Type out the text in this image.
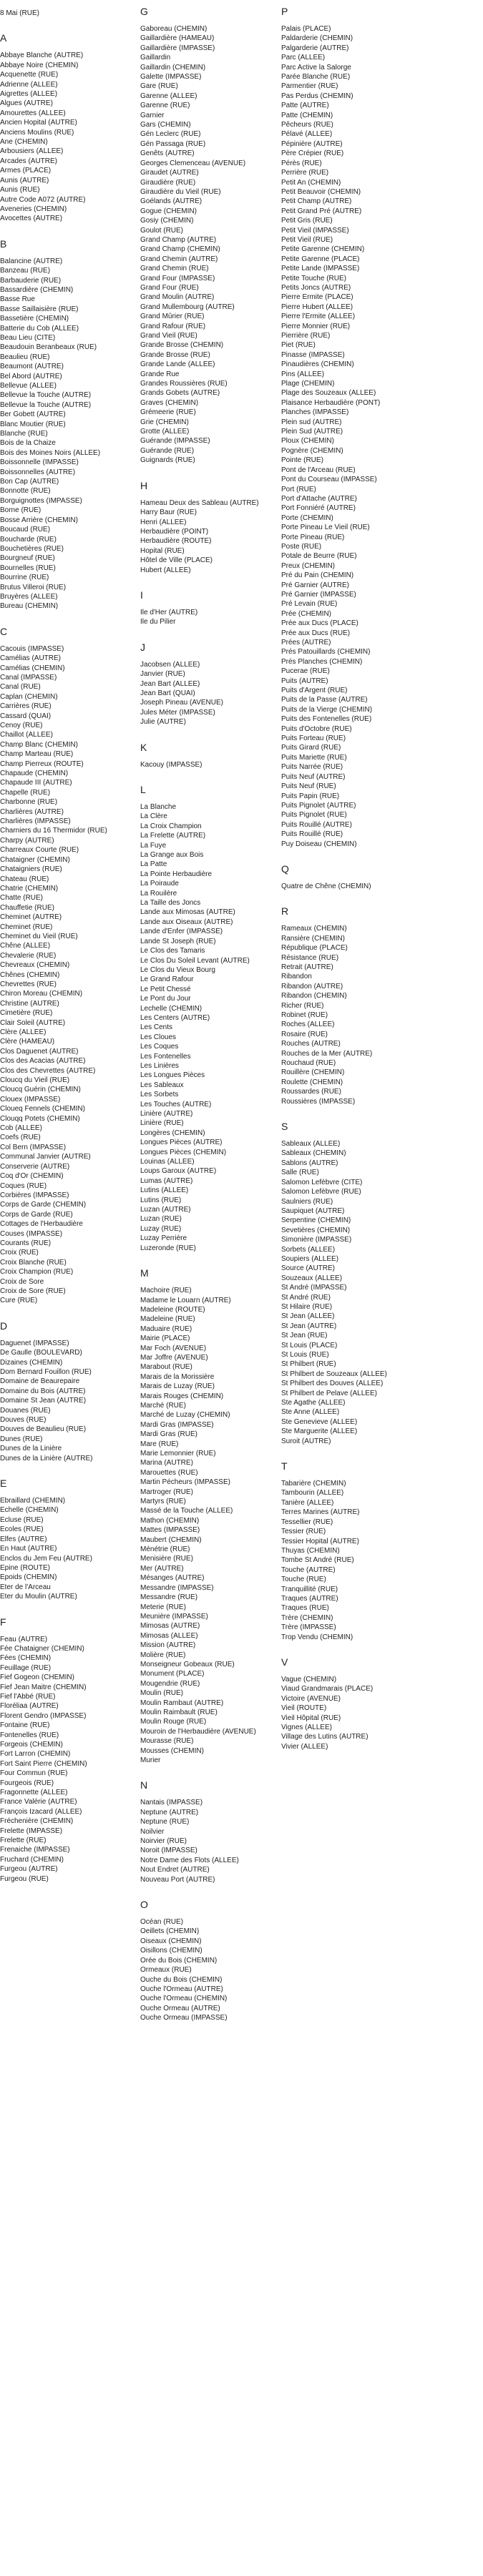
8 Mai (RUE)
A
Abbaye Blanche (AUTRE)
Abbaye Noire (CHEMIN)
Acquenette (RUE)
Adrienne (ALLEE)
Aigrettes (ALLEE)
Algues (AUTRE)
Amourettes (ALLEE)
Ancien Hopital (AUTRE)
Anciens Moulins (RUE)
Ane (CHEMIN)
Arbousiers (ALLEE)
Arcades (AUTRE)
Armes (PLACE)
Aunis (AUTRE)
Aunis (RUE)
Autre Code A072 (AUTRE)
Aveneries (CHEMIN)
Avocettes (AUTRE)
B
Balancine (AUTRE)
Banzeau (RUE)
Barbauderie (RUE)
Bassardière (CHEMIN)
Basse Rue
Basse Saillaisière (RUE)
Bassetière (CHEMIN)
Batterie du Cob (ALLEE)
Beau Lieu (CITE)
Beaudouin Beranbeaux (RUE)
Beaulieu (RUE)
Beaumont (AUTRE)
Bel Abord (AUTRE)
Bellevue (ALLEE)
Bellevue la Touche (AUTRE)
Bellevue la Touche (AUTRE)
Ber Gobett (AUTRE)
Blanc Moutier (RUE)
Blanche (RUE)
Bois de la Chaize
Bois des Moines Noirs (ALLEE)
Boissonnelle (IMPASSE)
Boissonnelles (AUTRE)
Bon Cap (AUTRE)
Bonnotte (RUE)
Borguignottes (IMPASSE)
Borne (RUE)
Bosse Arrière (CHEMIN)
Boucaud (RUE)
Boucharde (RUE)
Bouchetières (RUE)
Bourgneuf (RUE)
Bournelles (RUE)
Bourrine (RUE)
Brutus Villeroi (RUE)
Bruyères (ALLEE)
Bureau (CHEMIN)
C
Cacouis (IMPASSE)
Camélias (AUTRE)
Camélias (CHEMIN)
Canal (IMPASSE)
Canal (RUE)
Caplan (CHEMIN)
Carrières (RUE)
Cassard (QUAI)
Cenoy (RUE)
Chaillot (ALLEE)
Champ Blanc (CHEMIN)
Champ Marteau (RUE)
Champ Pierreux (ROUTE)
Chapaude (CHEMIN)
Chapaude III (AUTRE)
Chapelle (RUE)
Charbonne (RUE)
Charlières (AUTRE)
Charlières (IMPASSE)
Charniers du 16 Thermidor (RUE)
Charpy (AUTRE)
Charreaux Courte (RUE)
Chataigner (CHEMIN)
Chataigniers (RUE)
Chateau (RUE)
Chatrie (CHEMIN)
Chatte (RUE)
Chauffetie (RUE)
Cheminet (AUTRE)
Cheminet (RUE)
Cheminet du Vieil (RUE)
Chêne (ALLEE)
Chevalerie (RUE)
Chevreaux (CHEMIN)
Chênes (CHEMIN)
Chevrettes (RUE)
Chiron Moreau (CHEMIN)
Christine (AUTRE)
Cimetière (RUE)
Clair Soleil (AUTRE)
Clère (ALLEE)
Clère (HAMEAU)
Clos Daguenet (AUTRE)
Clos des Acacias (AUTRE)
Clos des Chevrettes (AUTRE)
Cloucq du Vieil (RUE)
Cloucq Guérin (CHEMIN)
Clouex (IMPASSE)
Cloueq Fennels (CHEMIN)
Clouqq Potets (CHEMIN)
Cob (ALLEE)
Coefs (RUE)
Col Bern (IMPASSE)
Communal Janvier (AUTRE)
Conserverie (AUTRE)
Coq d'Or (CHEMIN)
Coques (RUE)
Corbières (IMPASSE)
Corps de Garde (CHEMIN)
Corps de Garde (RUE)
Cottages de l'Herbaudière
Couses (IMPASSE)
Courants (RUE)
Croix (RUE)
Croix Blanche (RUE)
Croix Champion (RUE)
Croix de Sore
Croix de Sore (RUE)
Cure (RUE)
D
Daguenet (IMPASSE)
De Gaulle (BOULEVARD)
Dizaines (CHEMIN)
Dom Bernard Fouillon (RUE)
Domaine de Beaurepaire
Domaine du Bois (AUTRE)
Domaine St Jean (AUTRE)
Douanes (RUE)
Douves (RUE)
Douves de Beaulieu (RUE)
Dunes (RUE)
Dunes de la Linière
Dunes de la Linière (AUTRE)
E
Ebraillard (CHEMIN)
Echelle (CHEMIN)
Ecluse (RUE)
Ecoles (RUE)
Elfes (AUTRE)
En Haut (AUTRE)
Enclos du Jem Feu (AUTRE)
Epine (ROUTE)
Epoids (CHEMIN)
Eter de l'Arceau
Eter du Moulin (AUTRE)
F
Feau (AUTRE)
Fée Chataigner (CHEMIN)
Fées (CHEMIN)
Feuillage (RUE)
Fief Gogeon (CHEMIN)
Fief Jean Maitre (CHEMIN)
Fief l'Abbé (RUE)
Floréliaa (AUTRE)
Florent Gendro (IMPASSE)
Fontaine (RUE)
Fontenelles (RUE)
Forgeois (CHEMIN)
Fort Larron (CHEMIN)
Fort Saint Pierre (CHEMIN)
Four Commun (RUE)
Fourgeois (RUE)
Fragonnette (ALLEE)
France Valérie (AUTRE)
François Izacard (ALLEE)
Fréchenière (CHEMIN)
Frelette (IMPASSE)
Frelette (RUE)
Frenaiche (IMPASSE)
Fruchard (CHEMIN)
Furgeou (AUTRE)
Furgeou (RUE)
G
Gaboreau (CHEMIN)
Gaillardière (HAMEAU)
Gaillardière (IMPASSE)
Gaillardin
Gaillardin (CHEMIN)
Galette (IMPASSE)
Gare (RUE)
Garenne (ALLEE)
Garenne (RUE)
Garnier
Gars (CHEMIN)
Gén Leclerc (RUE)
Gén Passaga (RUE)
Genêts (AUTRE)
Georges Clemenceau (AVENUE)
Giraudet (AUTRE)
Giraudière (RUE)
Giraudière du Vieil (RUE)
Goélands (AUTRE)
Gogue (CHEMIN)
Gosiy (CHEMIN)
Goulot (RUE)
Grand Champ (AUTRE)
Grand Champ (CHEMIN)
Grand Chemin (AUTRE)
Grand Chemin (RUE)
Grand Four (IMPASSE)
Grand Four (RUE)
Grand Moulin (AUTRE)
Grand Mullembourg (AUTRE)
Grand Mûrier (RUE)
Grand Rafour (RUE)
Grand Vieil (RUE)
Grande Brosse (CHEMIN)
Grande Brosse (RUE)
Grande Lande (ALLEE)
Grande Rue
Grandes Roussières (RUE)
Grands Gobets (AUTRE)
Graves (CHEMIN)
Grémeerie (RUE)
Grie (CHEMIN)
Grotte (ALLEE)
Guérande (IMPASSE)
Guérande (RUE)
Guignards (RUE)
H
Hameau Deux des Sableau (AUTRE)
Harry Baur (RUE)
Henri (ALLEE)
Herbaudière (POINT)
Herbaudière (ROUTE)
Hopital (RUE)
Hôtel de Ville (PLACE)
Hubert (ALLEE)
I
Ile d'Her (AUTRE)
Ile du Pilier
J
Jacobsen (ALLEE)
Janvier (RUE)
Jean Bart (ALLEE)
Jean Bart (QUAI)
Joseph Pineau (AVENUE)
Jules Méter (IMPASSE)
Julie (AUTRE)
K
Kacouy (IMPASSE)
L
La Blanche
La Clère
La Croix Champion
La Frelette (AUTRE)
La Fuye
La Grange aux Bois
La Patte
La Pointe Herbaudière
La Poiraude
La Rouilère
La Taille des Joncs
Lande aux Mimosas (AUTRE)
Lande aux Oiseaux (AUTRE)
Lande d'Enfer (IMPASSE)
Lande St Joseph (RUE)
Le Clos des Tamaris
Le Clos Du Soleil Levant (AUTRE)
Le Clos du Vieux Bourg
Le Grand Rafour
Le Petit Chessé
Le Pont du Jour
Lechelle (CHEMIN)
Les Centers (AUTRE)
Les Cents
Les Cloues
Les Coques
Les Fontenelles
Les Linières
Les Longues Pièces
Les Sableaux
Les Sorbets
Les Touches (AUTRE)
Linière (AUTRE)
Linière (RUE)
Longères (CHEMIN)
Longues Pièces (AUTRE)
Longues Pièces (CHEMIN)
Louinas (ALLEE)
Loups Garoux (AUTRE)
Lumas (AUTRE)
Lutins (ALLEE)
Lutins (RUE)
Luzan (AUTRE)
Luzan (RUE)
Luzay (RUE)
Luzay Perrière
Luzeronde (RUE)
M
Machoire (RUE)
Madame le Louarn (AUTRE)
Madeleine (ROUTE)
Madeleine (RUE)
Maduaire (RUE)
Mairie (PLACE)
Mar Foch (AVENUE)
Mar Joffre (AVENUE)
Marabout (RUE)
Marais de la Morissière
Marais de Luzay (RUE)
Marais Rouges (CHEMIN)
Marché (RUE)
Marché de Luzay (CHEMIN)
Mardi Gras (IMPASSE)
Mardi Gras (RUE)
Mare (RUE)
Marie Lemonnier (RUE)
Marina (AUTRE)
Marouettes (RUE)
Martin Pécheurs (IMPASSE)
Martroger (RUE)
Martyrs (RUE)
Massé de la Touche (ALLEE)
Mathon (CHEMIN)
Mattes (IMPASSE)
Maubert (CHEMIN)
Ménétrie (RUE)
Menisière (RUE)
Mer (AUTRE)
Mésanges (AUTRE)
Messandre (IMPASSE)
Messandre (RUE)
Meterie (RUE)
Meunière (IMPASSE)
Mimosas (AUTRE)
Mimosas (ALLEE)
Mission (AUTRE)
Molière (RUE)
Monseigneur Gobeaux (RUE)
Monument (PLACE)
Mougendrie (RUE)
Moulin (RUE)
Moulin Rambaut (AUTRE)
Moulin Raimbault (RUE)
Moulin Rouge (RUE)
Mouroin de l'Herbaudière (AVENUE)
Mourasse (RUE)
Mousses (CHEMIN)
Murier
N
Nantais (IMPASSE)
Neptune (AUTRE)
Neptune (RUE)
Noilvier
Noirvier (RUE)
Noroit (IMPASSE)
Notre Dame des Flots (ALLEE)
Nout Endret (AUTRE)
Nouveau Port (AUTRE)
O
Océan (RUE)
Oeillets (CHEMIN)
Oiseaux (CHEMIN)
Oisillons (CHEMIN)
Orée du Bois (CHEMIN)
Ormeaux (RUE)
Ouche du Bois (CHEMIN)
Ouche l'Ormeau (AUTRE)
Ouche l'Ormeau (CHEMIN)
Ouche Ormeau (AUTRE)
Ouche Ormeau (IMPASSE)
P
Palais (PLACE)
Paldarderie (CHEMIN)
Palgarderie (AUTRE)
Parc (ALLEE)
Parc Active la Salorge
Parée Blanche (RUE)
Parmentier (RUE)
Pas Perdus (CHEMIN)
Patte (AUTRE)
Patte (CHEMIN)
Pêcheurs (RUE)
Pélavé (ALLEE)
Pépinière (AUTRE)
Père Crépier (RUE)
Pérès (RUE)
Perrière (RUE)
Petit An (CHEMIN)
Petit Beauvoir (CHEMIN)
Petit Champ (AUTRE)
Petit Grand Pré (AUTRE)
Petit Gris (RUE)
Petit Vieil (IMPASSE)
Petit Vieil (RUE)
Petite Garenne (CHEMIN)
Petite Garenne (PLACE)
Petite Lande (IMPASSE)
Petite Touche (RUE)
Petits Joncs (AUTRE)
Pierre Ermite (PLACE)
Pierre Hubert (ALLEE)
Pierre l'Ermite (ALLEE)
Pierre Monnier (RUE)
Pierrière (RUE)
Piet (RUE)
Pinasse (IMPASSE)
Pinaudières (CHEMIN)
Pins (ALLEE)
Plage (CHEMIN)
Plage des Souzeaux (ALLEE)
Plaisance Herbaudière (PONT)
Planches (IMPASSE)
Plein sud (AUTRE)
Plein Sud (AUTRE)
Ploux (CHEMIN)
Pognère (CHEMIN)
Pointe (RUE)
Pont de l'Arceau (RUE)
Pont du Courseau (IMPASSE)
Port (RUE)
Port d'Attache (AUTRE)
Port Fonniéré (AUTRE)
Porte (CHEMIN)
Porte Pineau Le Vieil (RUE)
Porte Pineau (RUE)
Poste (RUE)
Potale de Beurre (RUE)
Preux (CHEMIN)
Pré du Pain (CHEMIN)
Pré Garnier (AUTRE)
Pré Garnier (IMPASSE)
Pré Levain (RUE)
Prée (CHEMIN)
Prée aux Ducs (PLACE)
Prée aux Ducs (RUE)
Prées (AUTRE)
Prés Patouillards (CHEMIN)
Prés Planches (CHEMIN)
Pucerae (RUE)
Puits (AUTRE)
Puits d'Argent (RUE)
Puits de la Passe (AUTRE)
Puits de la Vierge (CHEMIN)
Puits des Fontenelles (RUE)
Puits d'Octobre (RUE)
Puits Forteau (RUE)
Puits Girard (RUE)
Puits Mariette (RUE)
Puits Narrée (RUE)
Puits Neuf (AUTRE)
Puits Neuf (RUE)
Puits Papin (RUE)
Puits Pignolet (AUTRE)
Puits Pignolet (RUE)
Puits Rouillé (AUTRE)
Puits Rouillé (RUE)
Puy Doiseau (CHEMIN)
Q
Quatre de Chêne (CHEMIN)
R
Rameaux (CHEMIN)
Ransière (CHEMIN)
République (PLACE)
Résistance (RUE)
Retrait (AUTRE)
Ribandon
Ribandon (AUTRE)
Ribandon (CHEMIN)
Richer (RUE)
Robinet (RUE)
Roches (ALLEE)
Rosaire (RUE)
Rouches (AUTRE)
Rouches de la Mer (AUTRE)
Rouchaud (RUE)
Rouillère (CHEMIN)
Roulette (CHEMIN)
Roussardes (RUE)
Roussières (IMPASSE)
S
Sableaux (ALLEE)
Sableaux (CHEMIN)
Sablons (AUTRE)
Salle (RUE)
Salomon Lefèbvre (CITE)
Salomon Lefèbvre (RUE)
Saulniers (RUE)
Saupiquet (AUTRE)
Serpentine (CHEMIN)
Sevetières (CHEMIN)
Simonière (IMPASSE)
Sorbets (ALLEE)
Soupiers (ALLEE)
Source (AUTRE)
Souzeaux (ALLEE)
St André (IMPASSE)
St André (RUE)
St Hilaire (RUE)
St Jean (ALLEE)
St Jean (AUTRE)
St Jean (RUE)
St Louis (PLACE)
St Louis (RUE)
St Philbert (RUE)
St Philbert de Souzeaux (ALLEE)
St Philbert des Douves (ALLEE)
St Philbert de Pelave (ALLEE)
Ste Agathe (ALLEE)
Ste Anne (ALLEE)
Ste Genevieve (ALLEE)
Ste Marguerite (ALLEE)
Suroit (AUTRE)
T
Tabarière (CHEMIN)
Tambourin (ALLEE)
Tanière (ALLEE)
Terres Marines (AUTRE)
Tessellier (RUE)
Tessier (RUE)
Tessier Hopital (AUTRE)
Thuyas (CHEMIN)
Tombe St André (RUE)
Touche (AUTRE)
Touche (RUE)
Tranquillité (RUE)
Traques (AUTRE)
Traques (RUE)
Trère (CHEMIN)
Trère (IMPASSE)
Trop Vendu (CHEMIN)
V
Vague (CHEMIN)
Viaud Grandmarais (PLACE)
Victoire (AVENUE)
Vieil (ROUTE)
Vieil Hôpital (RUE)
Vignes (ALLEE)
Village des Lutins (AUTRE)
Vivier (ALLEE)
